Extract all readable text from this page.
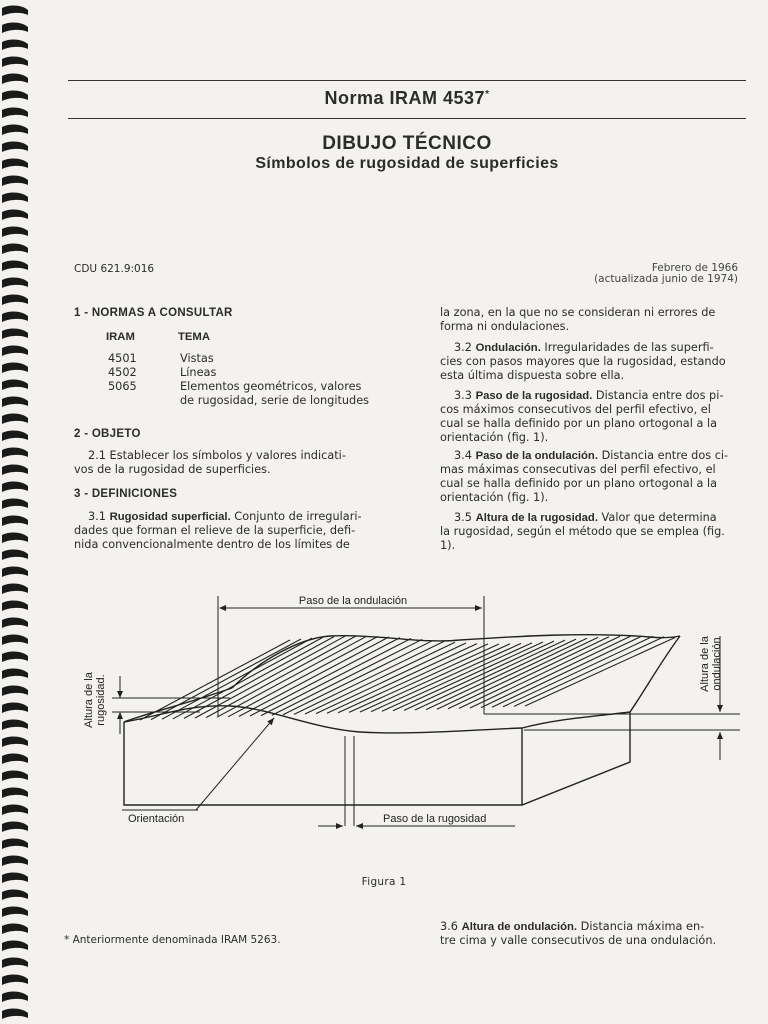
Norma IRAM 4537*
DIBUJO TÉCNICO
Símbolos de rugosidad de superficies
CDU 621.9:016	Febrero de 1966
(actualizada junio de 1974)
1 - NORMAS A CONSULTAR
IRAM	TEMA
4501	Vistas
4502	Líneas
5065	Elementos geométricos, valores
de rugosidad, serie de longitudes
2 - OBJETO

2.1 Establecer los símbolos y valores indicati-

vos de la rugosidad de superficies.

3 - DEFINICIONES

3.1 Rugosidad superficial. Conjunto de irregulari-

dades que forman el relieve de la superficie, defi-

nida convencionalmente dentro de los límites de

la zona, en la que no se consideran ni errores de

forma ni ondulaciones.

3.2 Ondulación. Irregularidades de las superfi-

cies con pasos mayores que la rugosidad, estando

esta última dispuesta sobre ella.

3.3 Paso de la rugosidad. Distancia entre dos pi-

cos máximos consecutivos del perfil efectivo, el

cual se halla definido por un plano ortogonal a la

orientación (fig. 1).

3.4 Paso de la ondulación. Distancia entre dos ci-

mas máximas consecutivas del perfil efectivo, el

cual se halla definido por un plano ortogonal a la

orientación (fig. 1).

3.5 Altura de la rugosidad. Valor que determina

la rugosidad, según el método que se emplea (fig.

1).

Paso de la ondulación
Altura de la rugosidad.
Altura de la ondulación
Orientación	Paso de la rugosidad
Figura 1
* Anteriormente denominada IRAM 5263.

3.6 Altura de ondulación. Distancia máxima en-

tre cima y valle consecutivos de una ondulación.
